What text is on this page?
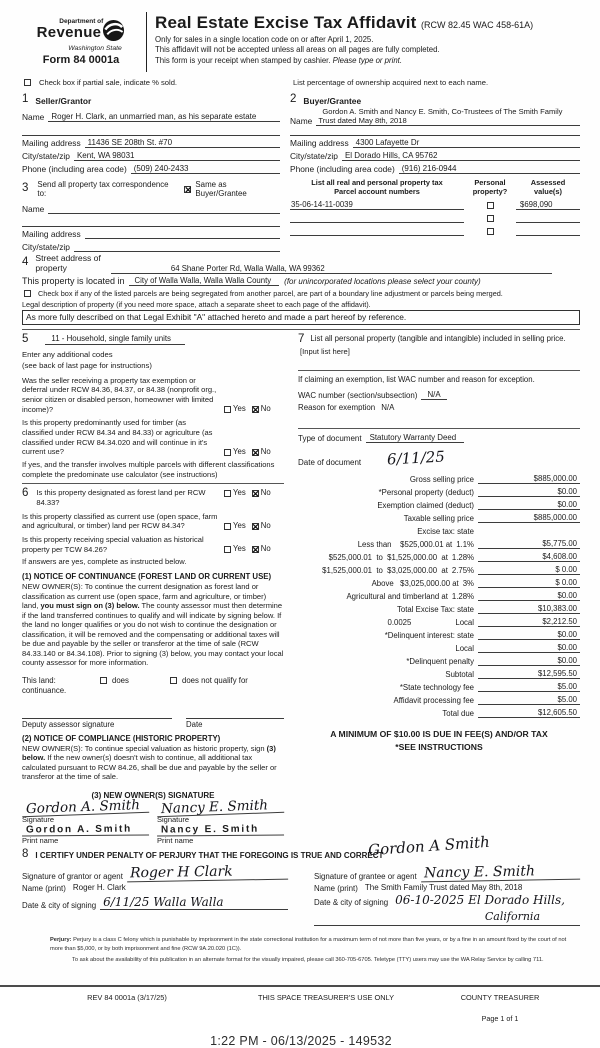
Department of
Revenue
Washington State
Form 84 0001a
Real Estate Excise Tax Affidavit (RCW 82.45 WAC 458-61A)
Only for sales in a single location code on or after April 1, 2025.
This affidavit will not be accepted unless all areas on all pages are fully completed.
This form is your receipt when stamped by cashier. Please type or print.
Check box if partial sale, indicate % sold.	List percentage of ownership acquired next to each name.
1 Seller/Grantor
Name Roger H. Clark, an unmarried man, as his separate estate
Mailing address 11436 SE 208th St. #70
City/state/zip Kent, WA 98031
Phone (including area code) (509) 240-2433
3	Send all property tax correspondence to:
✕
Same as Buyer/Grantee
Name
Mailing address
City/state/zip
2 Buyer/Grantee
Name
Gordon A. Smith and Nancy E. Smith, Co-Trustees of The Smith Family
Trust dated May 8th, 2018
Mailing address 4300 Lafayette Dr
City/state/zip El Dorado Hills, CA 95762
Phone (including area code) (916) 216-0944
List all real and personal property tax
Parcel account numbers
Personal
property?
Assessed
value(s)
35-06-14-11-0039	$698,090
4 Street address of
property	64 Shane Porter Rd, Walla Walla, WA 99362
This property is located in	City of Walla Walla, Walla Walla County	(for unincorporated locations please select your county)
Check box if any of the listed parcels are being segregated from another parcel, are part of a boundary line adjustment or parcels being merged.
Legal description of property (if you need more space, attach a separate sheet to each page of the affidavit).
As more fully described on that Legal Exhibit "A" attached hereto and made a part hereof by reference.
5	11 - Household, single family units
Enter any additional codes
(see back of last page for instructions)
Was the seller receiving a property tax exemption or deferral under RCW 84.36, 84.37, or 84.38 (nonprofit org., senior citizen or disabled person, homeowner with limited income)?	Yes ✕ No
Is this property predominantly used for timber (as classified under RCW 84.34 and 84.33) or agriculture (as classified under RCW 84.34.020 and will continue in it's current use?	Yes ✕ No
If yes, and the transfer involves multiple parcels with different classifications complete the predominate use calculator (see instructions)
6	Is this property designated as forest land per RCW 84.33?
Yes ✕ No
Is this property classified as current use (open space, farm and agricultural, or timber) land per RCW 84.34?	Yes ✕ No
Is this property receiving special valuation as historical property per TCW 84.26?	Yes ✕ No
If answers are yes, complete as instructed below.
(1) NOTICE OF CONTINUANCE (FOREST LAND OR CURRENT USE)
NEW OWNER(S): To continue the current designation as forest land or classification as current use (open space, farm and agriculture, or timber) land, you must sign on (3) below. The county assessor must then determine if the land transferred continues to qualify and will indicate by signing below. If the land no longer qualifies or you do not wish to continue the designation or classification, it will be removed and the compensating or additional taxes will be due and payable by the seller or transferor at the time of sale (RCW 84.33.140 or 84.34.108). Prior to signing (3) below, you may contact your local county assessor for more information.
This land:	does	does not qualify for
continuance.
Deputy assessor signature	Date
(2) NOTICE OF COMPLIANCE (HISTORIC PROPERTY)
NEW OWNER(S): To continue special valuation as historic property, sign (3) below. If the new owner(s) doesn't wish to continue, all additional tax calculated pursuant to RCW 84.26, shall be due and payable by the seller or transferor at the time of sale.
(3) NEW OWNER(S) SIGNATURE
Gordon A. Smith
Signature
Gordon A. Smith
Print name
Nancy E. Smith
Signature
Nancy E. Smith
Print name
7 List all personal property (tangible and intangible) included in selling price.
[Input list here]
If claiming an exemption, list WAC number and reason for exception.
WAC number (section/subsection)	N/A
Reason for exemption N/A
Type of document	Statutory Warranty Deed
Date of document 6/11/25
Gross selling price	$885,000.00
*Personal property (deduct)	$0.00
Exemption claimed (deduct)	$0.00
Taxable selling price	$885,000.00
Excise tax: state
Less than    $525,000.01 at 1.1%	$5,775.00
$525,000.01  to  $1,525,000.00  at 1.28%	$4,608.00
$1,525,000.01  to  $3,025,000.00  at 2.75%	$ 0.00
Above   $3,025,000.00 at 3%	$ 0.00
Agricultural and timberland at 1.28%	$0.00
Total Excise Tax: state	$10,383.00
0.0025	Local	$2,212.50
*Delinquent interest: state	$0.00
Local	$0.00
*Delinquent penalty	$0.00
Subtotal	$12,595.50
*State technology fee	$5.00
Affidavit processing fee	$5.00
Total due	$12,605.50
A MINIMUM OF $10.00 IS DUE IN FEE(S) AND/OR TAX
*SEE INSTRUCTIONS
Gordon A Smith
8 I CERTIFY UNDER PENALTY OF PERJURY THAT THE FOREGOING IS TRUE AND CORRECT
Signature of grantor or agent Roger H Clark
Name (print) Roger H. Clark
Date & city of signing 6/11/25 Walla Walla
Signature of grantee or agent Nancy E. Smith
Name (print) The Smith Family Trust dated May 8th, 2018
Date & city of signing 06-10-2025 El Dorado Hills,
California
Perjury: Perjury is a class C felony which is punishable by imprisonment in the state correctional institution for a maximum term of not more than five years, or by a fine in an amount fixed by the court of not more than $5,000, or by both imprisonment and fine (RCW 9A.20.020 (1C)).
To ask about the availability of this publication in an alternate format for the visually impaired, please call 360-705-6705. Teletype (TTY) users may use the WA Relay Service by calling 711.
REV 84 0001a (3/17/25)	THIS SPACE TREASURER'S USE ONLY	COUNTY TREASURER
Page 1 of 1
1:22 PM - 06/13/2025 - 149532
